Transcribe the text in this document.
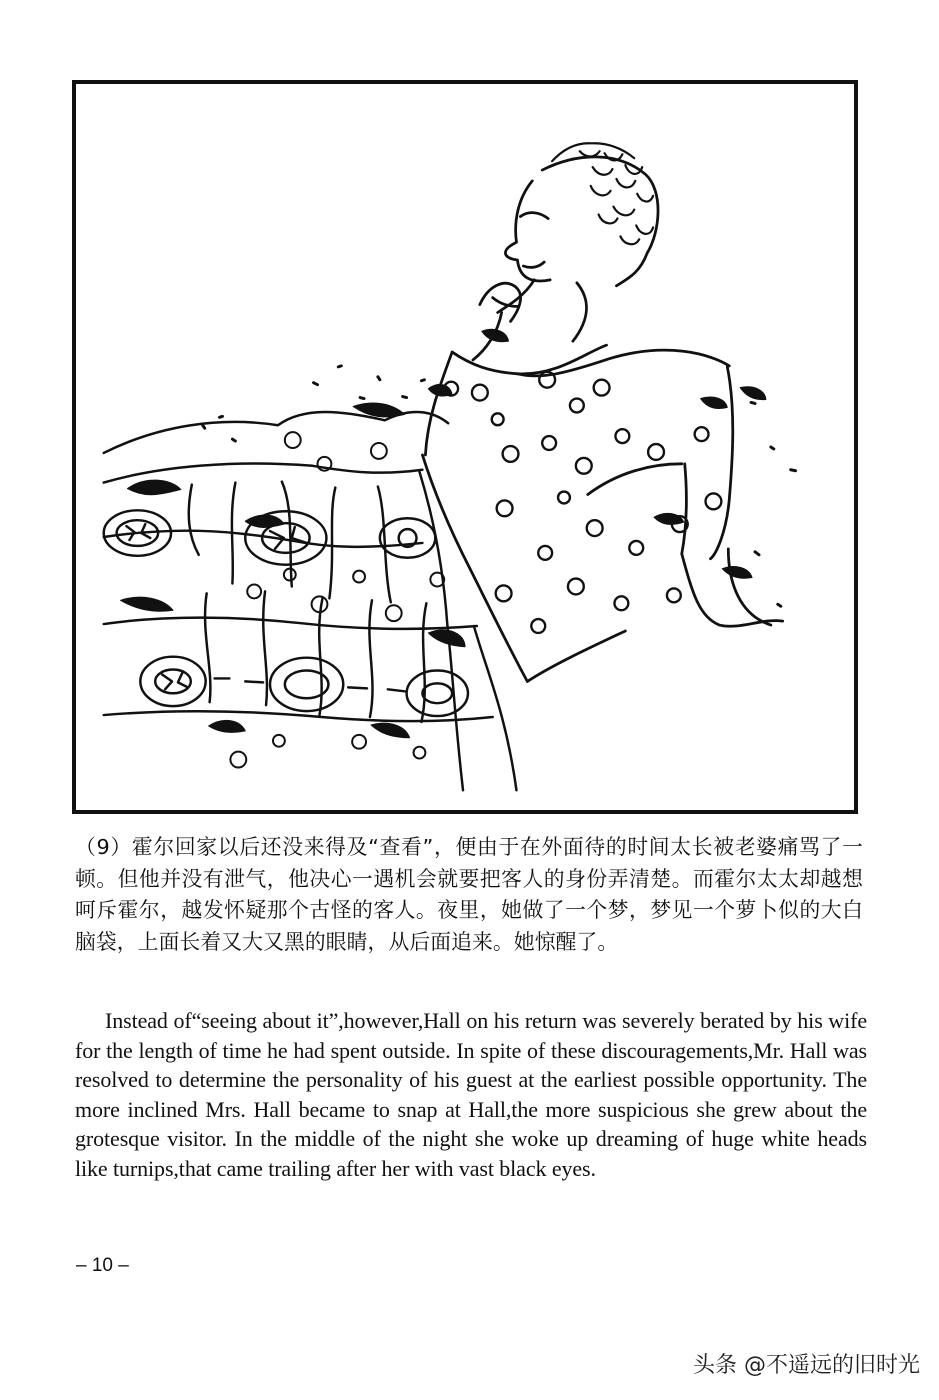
（9）霍尔回家以后还没来得及“查看”，便由于在外面待的时间太长被老婆痛骂了一顿。但他并没有泄气，他决心一遇机会就要把客人的身份弄清楚。而霍尔太太却越想呵斥霍尔，越发怀疑那个古怪的客人。夜里，她做了一个梦，梦见一个萝卜似的大白脑袋，上面长着又大又黑的眼睛，从后面追来。她惊醒了。

Instead of“seeing about it”,however,Hall on his return was severely berated by his wife for the length of time he had spent outside. In spite of these discouragements,Mr. Hall was resolved to determine the personality of his guest at the earliest possible opportunity. The more inclined Mrs. Hall became to snap at Hall,the more suspicious she grew about the grotesque visitor. In the middle of the night she woke up dreaming of huge white heads like turnips,that came trailing after her with vast black eyes.

– 10 –
头条 @不遥远的旧时光
